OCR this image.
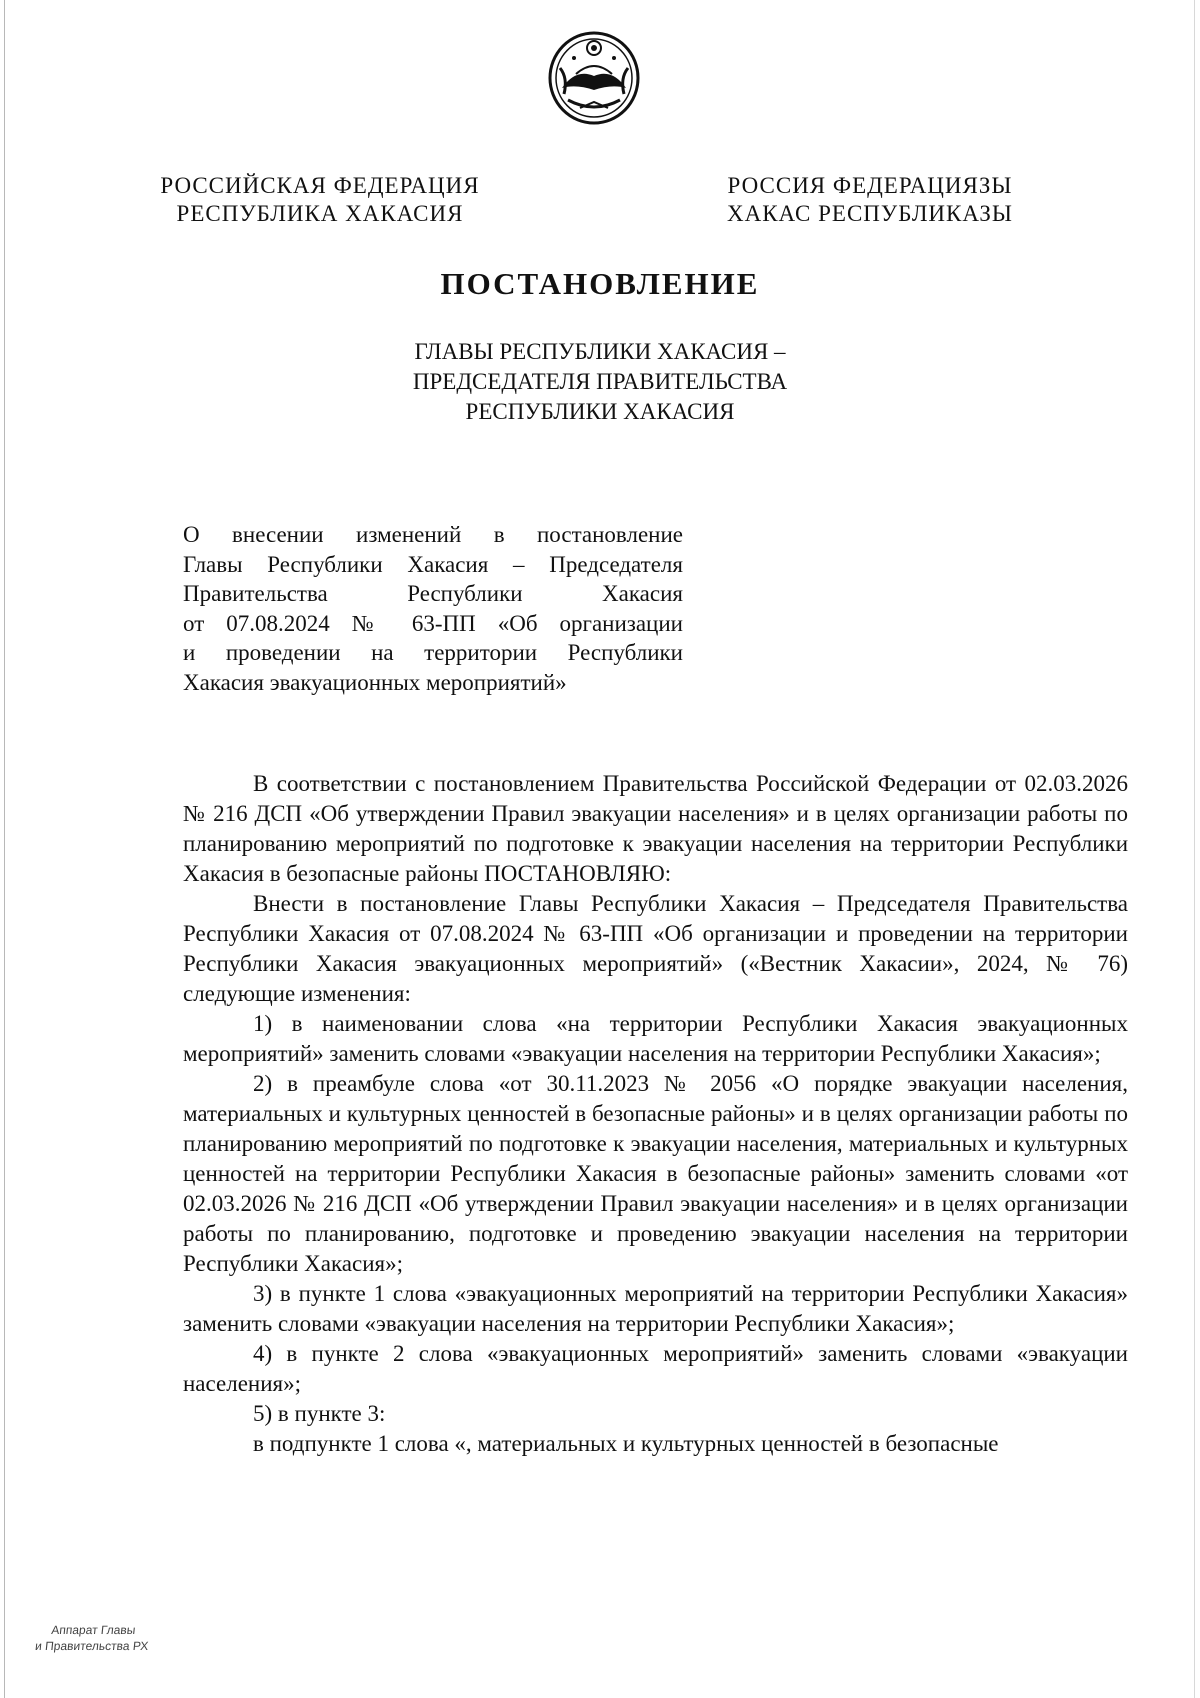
РОССИЙСКАЯ ФЕДЕРАЦИЯ
РЕСПУБЛИКА ХАКАСИЯ
РОССИЯ ФЕДЕРАЦИЯЗЫ
ХАКАС РЕСПУБЛИКАЗЫ
ПОСТАНОВЛЕНИЕ
ГЛАВЫ РЕСПУБЛИКИ ХАКАСИЯ –
ПРЕДСЕДАТЕЛЯ ПРАВИТЕЛЬСТВА
РЕСПУБЛИКИ ХАКАСИЯ
О внесении изменений в постановление
Главы Республики Хакасия – Председателя
Правительства Республики Хакасия
от 07.08.2024 № 63-ПП «Об организации
и проведении на территории Республики
Хакасия эвакуационных мероприятий»

В соответствии с постановлением Правительства Российской Федерации от 02.03.2026 № 216 ДСП «Об утверждении Правил эвакуации населения» и в целях организации работы по планированию мероприятий по подготовке к эвакуации населения на территории Республики Хакасия в безопасные районы ПОСТАНОВЛЯЮ:

Внести в постановление Главы Республики Хакасия – Председателя Правительства Республики Хакасия от 07.08.2024 № 63-ПП «Об организации и проведении на территории Республики Хакасия эвакуационных мероприятий» («Вестник Хакасии», 2024, № 76) следующие изменения:

1) в наименовании слова «на территории Республики Хакасия эвакуационных мероприятий» заменить словами «эвакуации населения на территории Республики Хакасия»;

2) в преамбуле слова «от 30.11.2023 № 2056 «О порядке эвакуации населения, материальных и культурных ценностей в безопасные районы» и в целях организации работы по планированию мероприятий по подготовке к эвакуации населения, материальных и культурных ценностей на территории Республики Хакасия в безопасные районы» заменить словами «от 02.03.2026 № 216 ДСП «Об утверждении Правил эвакуации населения» и в целях организации работы по планированию, подготовке и проведению эвакуации населения на территории Республики Хакасия»;

3) в пункте 1 слова «эвакуационных мероприятий на территории Республики Хакасия» заменить словами «эвакуации населения на территории Республики Хакасия»;

4) в пункте 2 слова «эвакуационных мероприятий» заменить словами «эвакуации населения»;

5) в пункте 3:

в подпункте 1 слова «, материальных и культурных ценностей в безопасные

Аппарат Главы
и Правительства РХ
